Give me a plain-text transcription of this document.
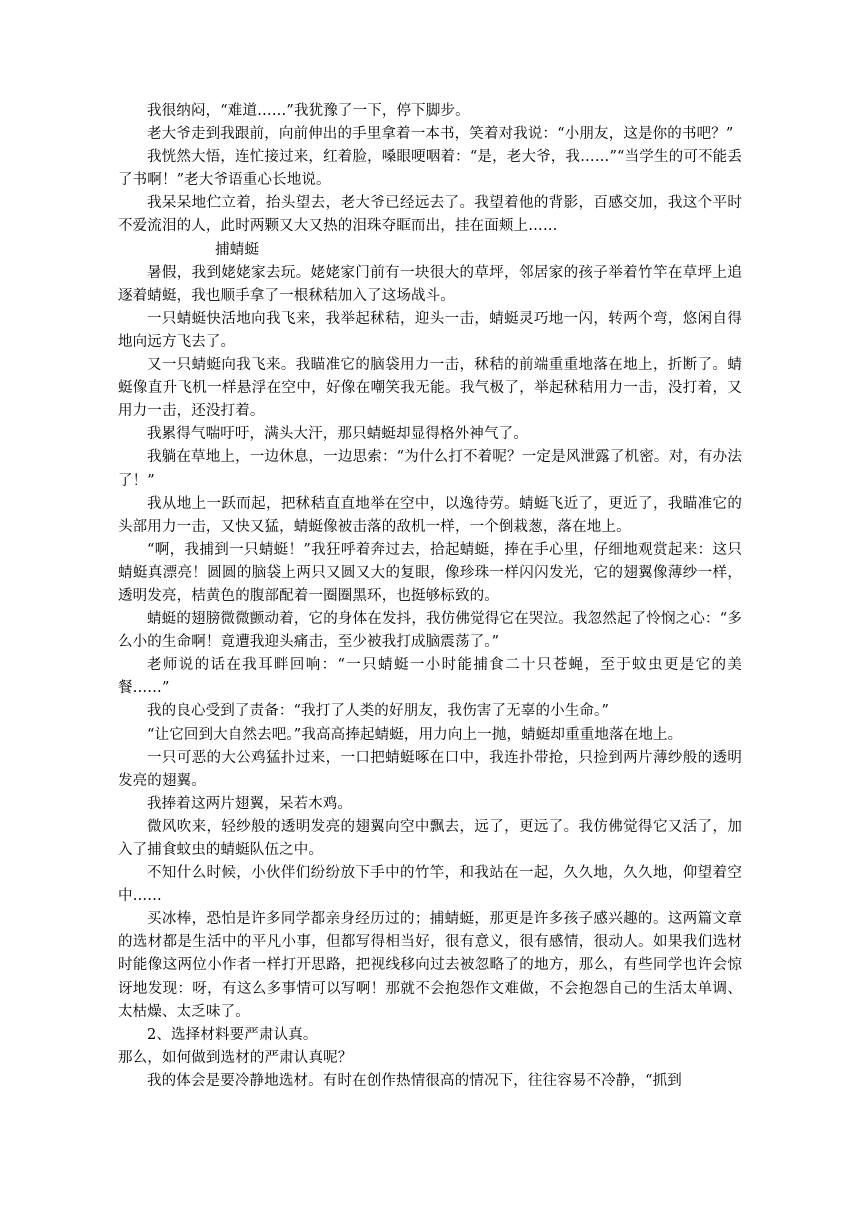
我很纳闷，“难道……”我犹豫了一下，停下脚步。

老大爷走到我跟前，向前伸出的手里拿着一本书，笑着对我说：“小朋友，这是你的书吧？”

我恍然大悟，连忙接过来，红着脸，嗓眼哽咽着：“是，老大爷，我……”“当学生的可不能丢了书啊！”老大爷语重心长地说。

我呆呆地伫立着，抬头望去，老大爷已经远去了。我望着他的背影，百感交加，我这个平时不爱流泪的人，此时两颗又大又热的泪珠夺眶而出，挂在面颊上……

捕蜻蜓

暑假，我到姥姥家去玩。姥姥家门前有一块很大的草坪，邻居家的孩子举着竹竿在草坪上追逐着蜻蜓，我也顺手拿了一根秫秸加入了这场战斗。

一只蜻蜓快活地向我飞来，我举起秫秸，迎头一击，蜻蜓灵巧地一闪，转两个弯，悠闲自得地向远方飞去了。

又一只蜻蜓向我飞来。我瞄准它的脑袋用力一击，秫秸的前端重重地落在地上，折断了。蜻蜓像直升飞机一样悬浮在空中，好像在嘲笑我无能。我气极了，举起秫秸用力一击，没打着，又用力一击，还没打着。

我累得气喘吁吁，满头大汗，那只蜻蜓却显得格外神气了。

我躺在草地上，一边休息，一边思索：“为什么打不着呢？一定是风泄露了机密。对，有办法了！”

我从地上一跃而起，把秫秸直直地举在空中，以逸待劳。蜻蜓飞近了，更近了，我瞄准它的头部用力一击，又快又猛，蜻蜓像被击落的敌机一样，一个倒栽葱，落在地上。

“啊，我捕到一只蜻蜓！”我狂呼着奔过去，拾起蜻蜓，捧在手心里，仔细地观赏起来：这只蜻蜓真漂亮！圆圆的脑袋上两只又圆又大的复眼，像珍珠一样闪闪发光，它的翅翼像薄纱一样，透明发亮，桔黄色的腹部配着一圈圈黑环，也挺够标致的。

蜻蜓的翅膀微微颤动着，它的身体在发抖，我仿佛觉得它在哭泣。我忽然起了怜悯之心：“多么小的生命啊！竟遭我迎头痛击，至少被我打成脑震荡了。”

老师说的话在我耳畔回响：“一只蜻蜓一小时能捕食二十只苍蝇，至于蚊虫更是它的美餐……”

我的良心受到了责备：“我打了人类的好朋友，我伤害了无辜的小生命。”

“让它回到大自然去吧。”我高高捧起蜻蜓，用力向上一抛，蜻蜓却重重地落在地上。

一只可恶的大公鸡猛扑过来，一口把蜻蜓啄在口中，我连扑带抢，只捡到两片薄纱般的透明发亮的翅翼。

我捧着这两片翅翼，呆若木鸡。

微风吹来，轻纱般的透明发亮的翅翼向空中飘去，远了，更远了。我仿佛觉得它又活了，加入了捕食蚊虫的蜻蜓队伍之中。

不知什么时候，小伙伴们纷纷放下手中的竹竿，和我站在一起，久久地，久久地，仰望着空中……

买冰棒，恐怕是许多同学都亲身经历过的；捕蜻蜓，那更是许多孩子感兴趣的。这两篇文章的选材都是生活中的平凡小事，但都写得相当好，很有意义，很有感情，很动人。如果我们选材时能像这两位小作者一样打开思路，把视线移向过去被忽略了的地方，那么，有些同学也许会惊讶地发现：呀，有这么多事情可以写啊！那就不会抱怨作文难做，不会抱怨自己的生活太单调、太枯燥、太乏味了。

2、选择材料要严肃认真。

那么，如何做到选材的严肃认真呢？

我的体会是要冷静地选材。有时在创作热情很高的情况下，往往容易不冷静，“抓到
